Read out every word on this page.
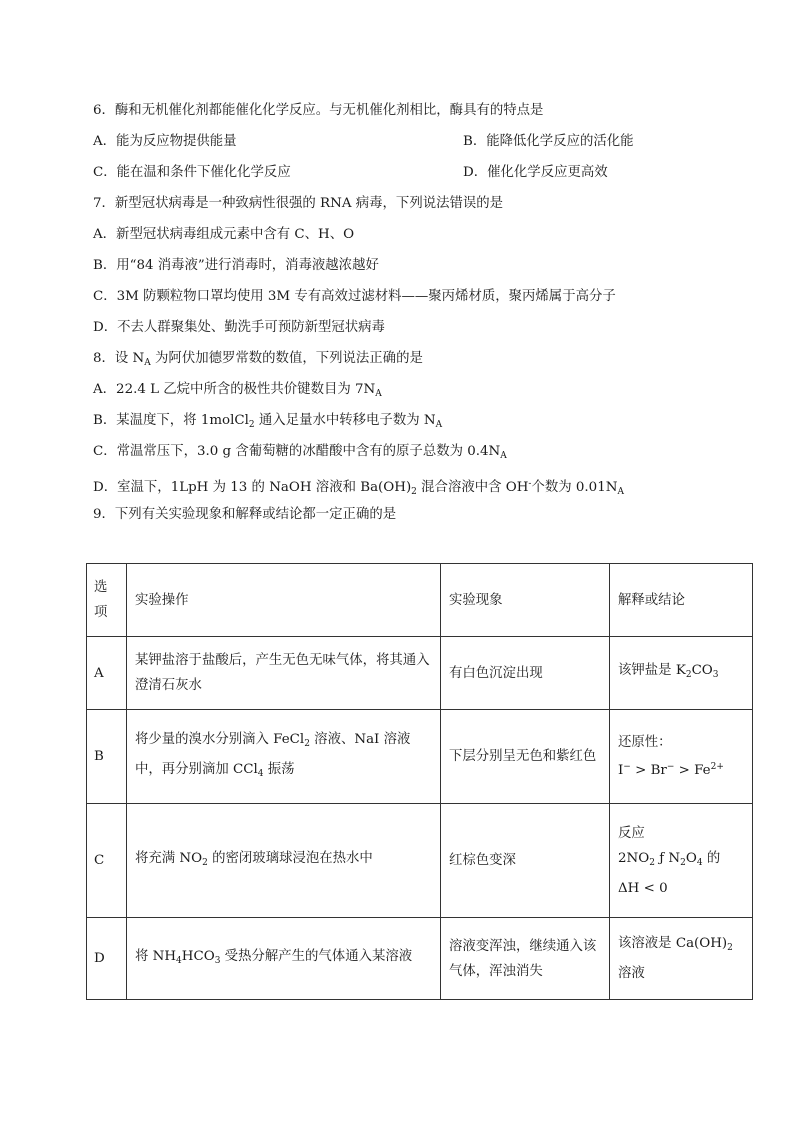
6．酶和无机催化剂都能催化化学反应。与无机催化剂相比，酶具有的特点是
A．能为反应物提供能量	B．能降低化学反应的活化能
C．能在温和条件下催化化学反应	D．催化化学反应更高效
7．新型冠状病毒是一种致病性很强的 RNA 病毒，下列说法错误的是
A．新型冠状病毒组成元素中含有 C、H、O
B．用“84 消毒液”进行消毒时，消毒液越浓越好
C．3M 防颗粒物口罩均使用 3M 专有高效过滤材料——聚丙烯材质，聚丙烯属于高分子
D．不去人群聚集处、勤洗手可预防新型冠状病毒
8．设 $N_A$ 为阿伏加德罗常数的数值，下列说法正确的是
A．22.4 L 乙烷中所含的极性共价键数目为 $7N_A$
B．某温度下，将 1molCl$_2$ 通入足量水中转移电子数为 $N_A$
C．常温常压下，3.0 g 含葡萄糖的冰醋酸中含有的原子总数为 $0.4N_A$
D．室温下，1LpH 为 13 的 NaOH 溶液和 $Ba(OH)_2$ 混合溶液中含 OH-个数为 $0.01N_A$
9．下列有关实验现象和解释或结论都一定正确的是
选项	实验操作	实验现象	解释或结论
A	某钾盐溶于盐酸后，产生无色无味气体，将其通入澄清石灰水	有白色沉淀出现	该钾盐是 $K_2CO_3$
B	将少量的溴水分别滴入 FeCl$_2$ 溶液、NaI 溶液中，再分别滴加 CCl$_4$ 振荡	下层分别呈无色和紫红色	还原性：
$I^- > Br^- > Fe^{2+}$

C	将充满 $NO_2$ 的密闭玻璃球浸泡在热水中	红棕色变深	反应
$2NO_2$ ƒ $N_2O_4$ 的
ΔH < 0

D	将 $NH_4HCO_3$ 受热分解产生的气体通入某溶液	溶液变浑浊，继续通入该气体，浑浊消失	该溶液是 $Ca(OH)_2$ 溶液
